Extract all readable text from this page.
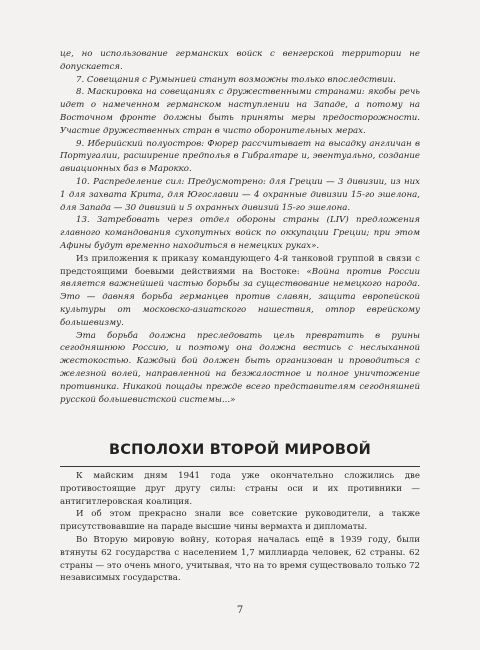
це, но использование германских войск с венгерской территории не допускается.

7. Совещания с Румынией станут возможны только впоследствии.

8. Маскировка на совещаниях с дружественными странами: якобы речь идет о намеченном германском наступлении на Западе, а потому на Восточном фронте должны быть приняты меры предосторожности. Участие дружественных стран в чисто оборонительных мерах.

9. Иберийский полуостров: Фюрер рассчитывает на высадку англичан в Португалии, расширение предполья в Гибралтаре и, эвентуально, создание авиационных баз в Марокко.

10. Распределение сил: Предусмотрено: для Греции — 3 дивизии, из них 1 для захвата Крита, для Югославии — 4 охранные дивизии 15-го эшелона, для Запада — 30 дивизий и 5 охранных дивизий 15-го эшелона.

13. Затребовать через отдел обороны страны (LIV) предложения главного командования сухопутных войск по оккупации Греции; при этом Афины будут временно находиться в немецких руках».

Из приложения к приказу командующего 4-й танковой группой в связи с предстоящими боевыми действиями на Востоке: «Война против России является важнейшей частью борьбы за существование немецкого народа. Это — давняя борьба германцев против славян, защита европейской культуры от московско-азиатского нашествия, отпор еврейскому большевизму.

Эта борьба должна преследовать цель превратить в руины сегодняшнюю Россию, и поэтому она должна вестись с неслыханной жестокостью. Каждый бой должен быть организован и проводиться с железной волей, направленной на безжалостное и полное уничтожение противника. Никакой пощады прежде всего представителям сегодняшней русской большевистской системы...»

ВСПОЛОХИ ВТОРОЙ МИРОВОЙ

К майским дням 1941 года уже окончательно сложились две противостоящие друг другу силы: страны оси и их противники — антигитлеровская коалиция.

И об этом прекрасно знали все советские руководители, а также присутствовавшие на параде высшие чины вермахта и дипломаты.

Во Вторую мировую войну, которая началась ещё в 1939 году, были втянуты 62 государства с населением 1,7 миллиарда человек, 62 страны. 62 страны — это очень много, учитывая, что на то время существовало только 72 независимых государства.

7
